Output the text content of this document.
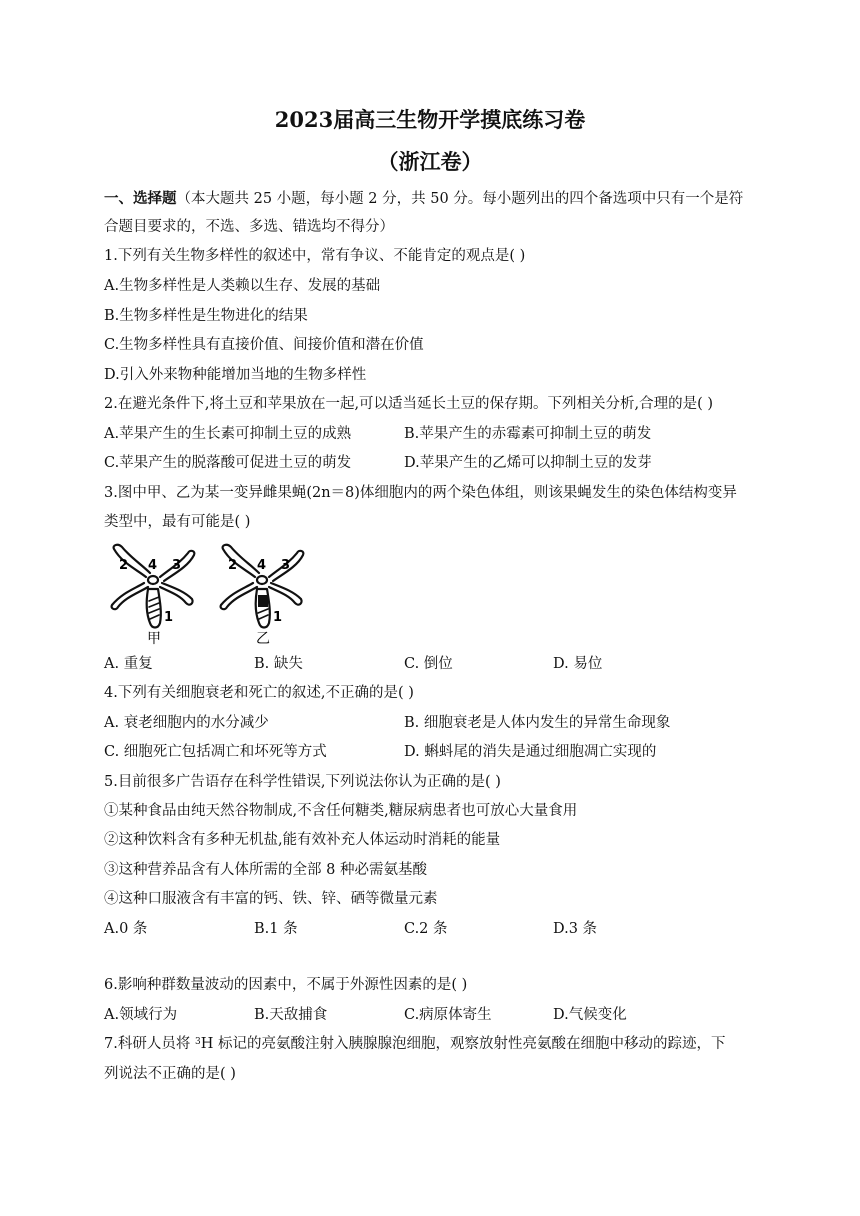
2023届高三生物开学摸底练习卷
（浙江卷）
一、选择题（本大题共 25 小题，每小题 2 分，共 50 分。每小题列出的四个备选项中只有一个是符
合题目要求的，不选、多选、错选均不得分）
1.下列有关生物多样性的叙述中，常有争议、不能肯定的观点是( )
A.生物多样性是人类赖以生存、发展的基础
B.生物多样性是生物进化的结果
C.生物多样性具有直接价值、间接价值和潜在价值
D.引入外来物种能增加当地的生物多样性
2.在避光条件下,将土豆和苹果放在一起,可以适当延长土豆的保存期。下列相关分析,合理的是( )
A.苹果产生的生长素可抑制土豆的成熟	B.苹果产生的赤霉素可抑制土豆的萌发
C.苹果产生的脱落酸可促进土豆的萌发	D.苹果产生的乙烯可以抑制土豆的发芽
3.图中甲、乙为某一变异雌果蝇(2n＝8)体细胞内的两个染色体组，则该果蝇发生的染色体结构变异
类型中，最有可能是( )
2 4 3
1
甲
2 4 3
1
乙
A. 重复	B. 缺失	C. 倒位	D. 易位
4.下列有关细胞衰老和死亡的叙述,不正确的是( )
A. 衰老细胞内的水分减少	B. 细胞衰老是人体内发生的异常生命现象
C. 细胞死亡包括凋亡和坏死等方式	D. 蝌蚪尾的消失是通过细胞凋亡实现的
5.目前很多广告语存在科学性错误,下列说法你认为正确的是( )
①某种食品由纯天然谷物制成,不含任何糖类,糖尿病患者也可放心大量食用
②这种饮料含有多种无机盐,能有效补充人体运动时消耗的能量
③这种营养品含有人体所需的全部 8 种必需氨基酸
④这种口服液含有丰富的钙、铁、锌、硒等微量元素
A.0 条	B.1 条	C.2 条	D.3 条
6.影响种群数量波动的因素中，不属于外源性因素的是( )
A.领域行为	B.天敌捕食	C.病原体寄生	D.气候变化
7.科研人员将 $^3$H 标记的亮氨酸注射入胰腺腺泡细胞，观察放射性亮氨酸在细胞中移动的踪迹，下
列说法不正确的是( )
